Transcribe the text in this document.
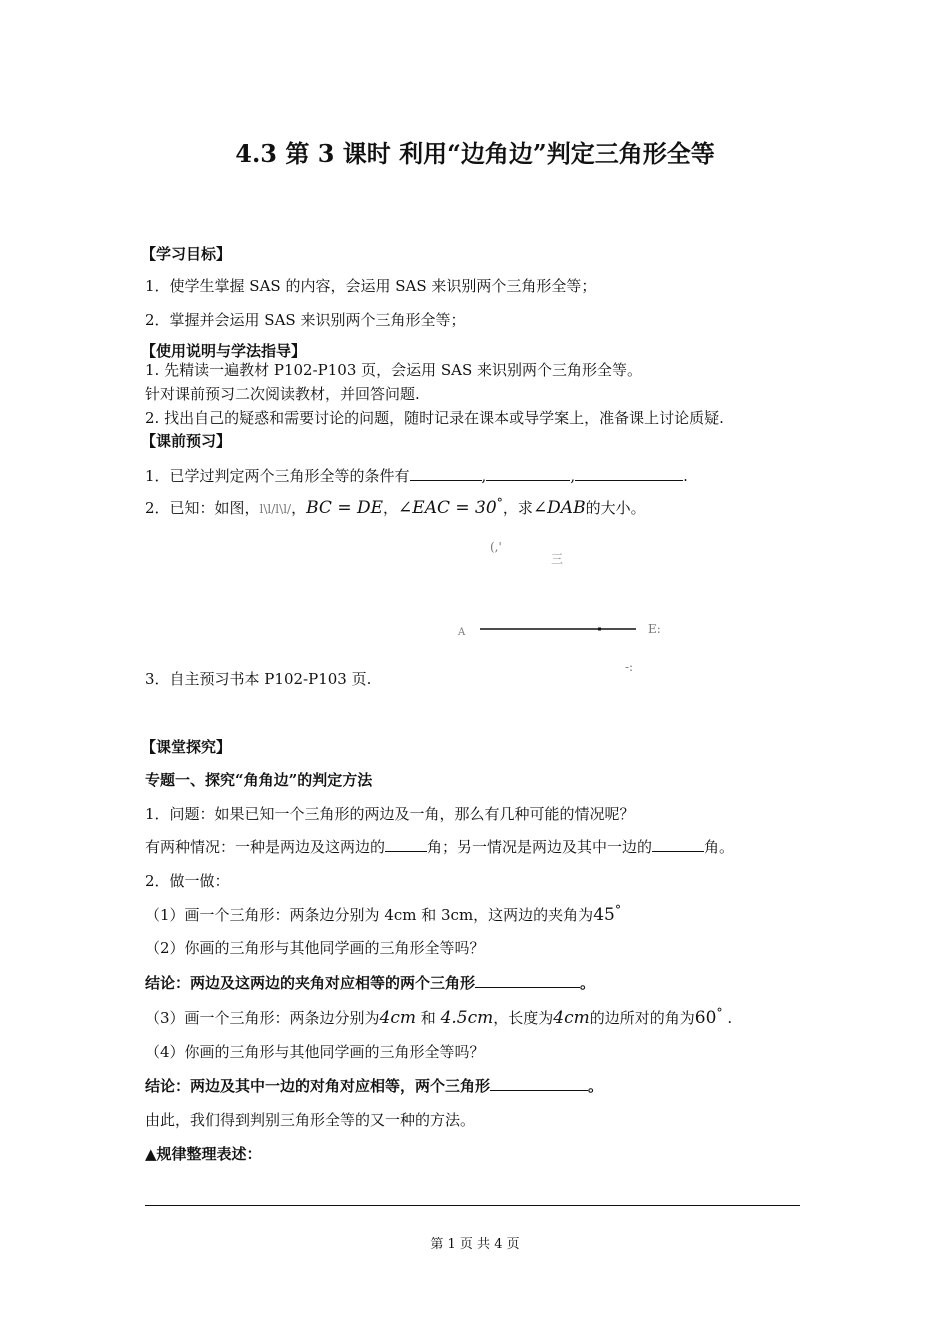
4.3 第 3 课时 利用“边角边”判定三角形全等
【学习目标】
1．使学生掌握 SAS 的内容，会运用 SAS 来识别两个三角形全等；
2．掌握并会运用 SAS 来识别两个三角形全等；
【使用说明与学法指导】
1. 先精读一遍教材 P102-P103 页，会运用 SAS 来识别两个三角形全等。
针对课前预习二次阅读教材，并回答问题.
2. 找出自己的疑惑和需要讨论的问题，随时记录在课本或导学案上，准备课上讨论质疑.
【课前预习】
1．已学过判定两个三角形全等的条件有	,	,	.
2．已知：如图，l\l/l\l/，BC = DE，∠EAC = 30°，求∠DAB的大小。
(,'
三
A	E:
-:
3．自主预习书本 P102-P103 页.
【课堂探究】
专题一、探究“角角边”的判定方法
1．问题：如果已知一个三角形的两边及一角，那么有几种可能的情况呢？
有两种情况：一种是两边及这两边的	角；另一情况是两边及其中一边的	角。
2．做一做：
（1）画一个三角形：两条边分别为 4cm 和 3cm，这两边的夹角为45°
（2）你画的三角形与其他同学画的三角形全等吗？
结论：两边及这两边的夹角对应相等的两个三角形	。
（3）画一个三角形：两条边分别为4cm 和 4.5cm，长度为4cm的边所对的角为60° .
（4）你画的三角形与其他同学画的三角形全等吗？
结论：两边及其中一边的对角对应相等，两个三角形	。
由此，我们得到判别三角形全等的又一种的方法。
▲规律整理表述：
第 1 页 共 4 页
